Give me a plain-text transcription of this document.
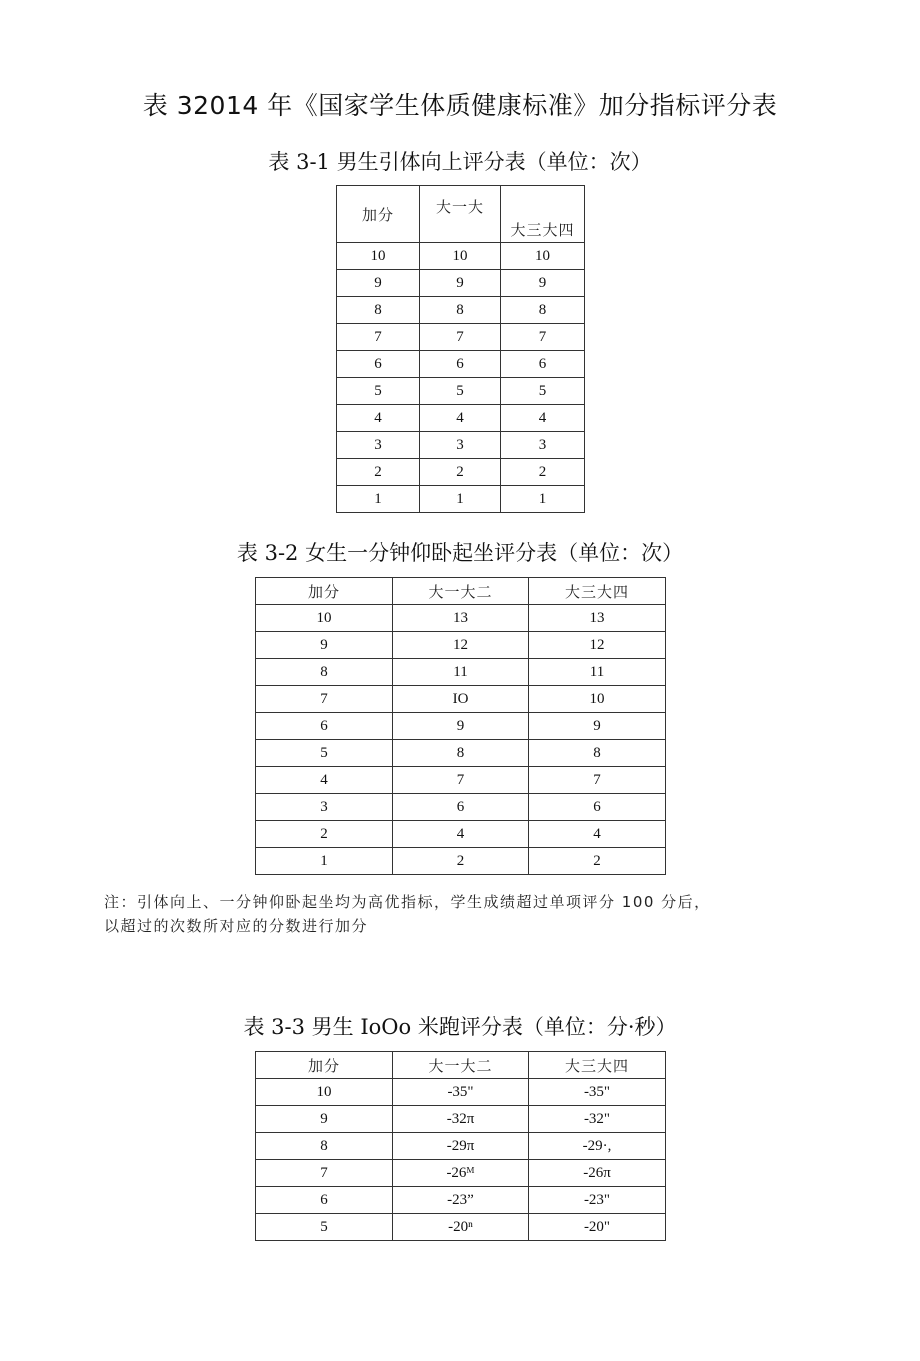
表 32014 年《国家学生体质健康标准》加分指标评分表
表 3-1 男生引体向上评分表（单位：次）
加分	大一大	大三大四

10	10	10
9	9	9
8	8	8
7	7	7
6	6	6
5	5	5
4	4	4
3	3	3
2	2	2
1	1	1
表 3-2 女生一分钟仰卧起坐评分表（单位：次）
加分	大一大二	大三大四
10	13	13
9	12	12
8	11	11
7	IO	10
6	9	9
5	8	8
4	7	7
3	6	6
2	4	4
1	2	2
注：引体向上、一分钟仰卧起坐均为高优指标，学生成绩超过单项评分 100 分后，
以超过的次数所对应的分数进行加分
表 3-3 男生 IoOo 米跑评分表（单位：分·秒）
加分	大一大二	大三大四
10	-35"	-35"
9	-32π	-32"
8	-29π	-29·,
7	-26ᴹ	-26π
6	-23”	-23"
5	-20ⁿ	-20"
